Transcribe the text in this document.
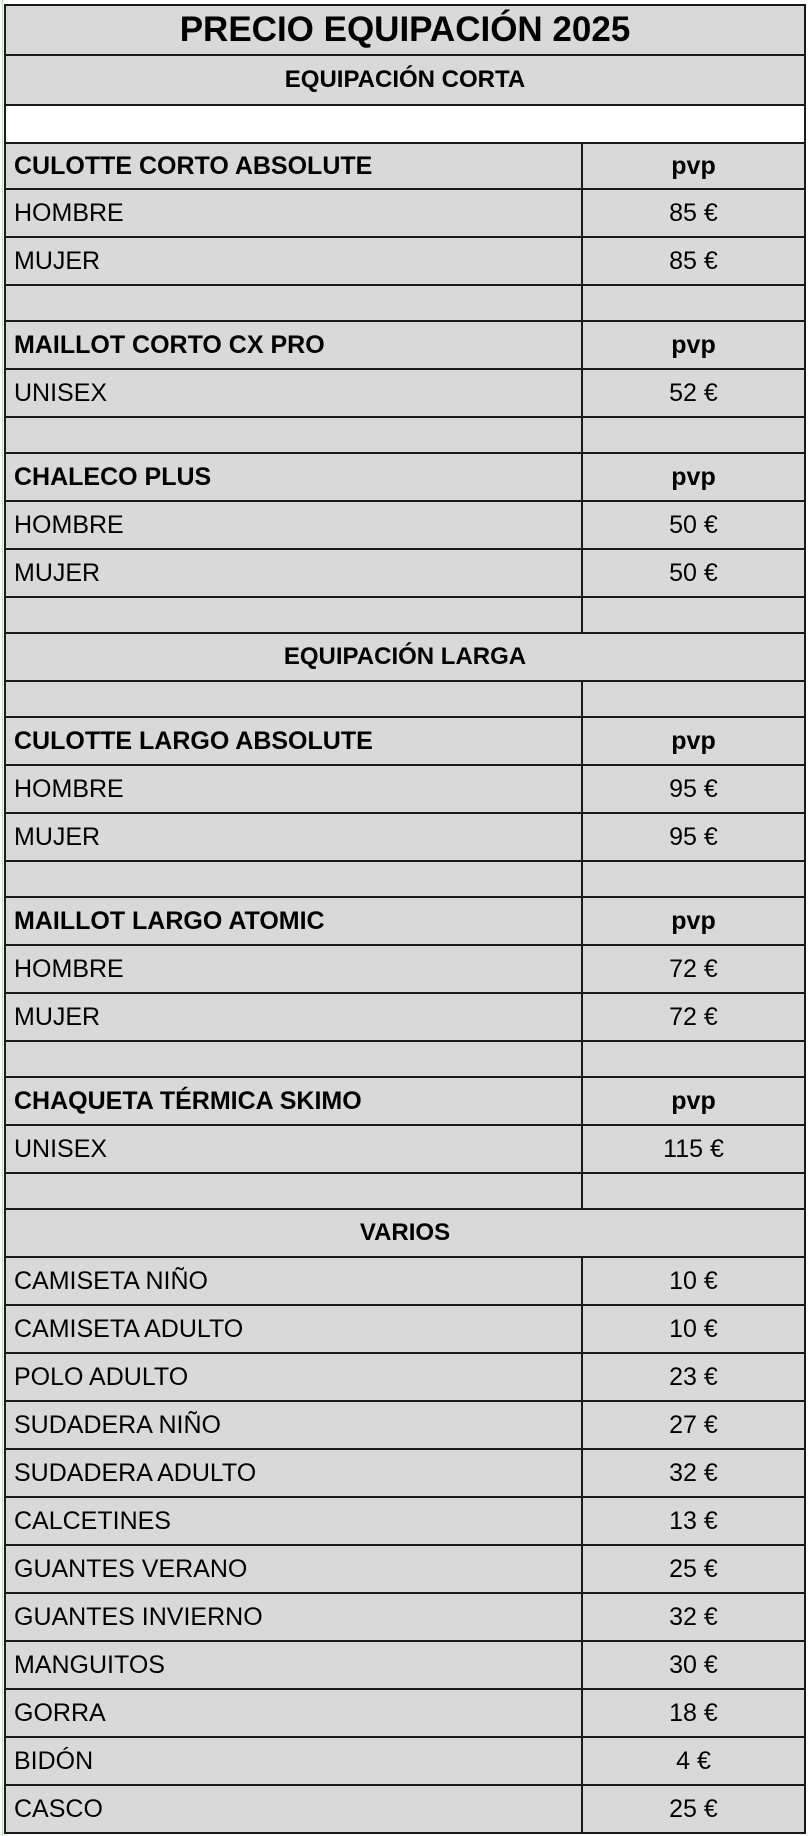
PRECIO EQUIPACIÓN 2025
EQUIPACIÓN CORTA
CULOTTE CORTO ABSOLUTE	pvp
HOMBRE	85 €
MUJER	85 €
MAILLOT CORTO CX PRO	pvp
UNISEX	52 €
CHALECO PLUS	pvp
HOMBRE	50 €
MUJER	50 €
EQUIPACIÓN LARGA
CULOTTE LARGO ABSOLUTE	pvp
HOMBRE	95 €
MUJER	95 €
MAILLOT LARGO ATOMIC	pvp
HOMBRE	72 €
MUJER	72 €
CHAQUETA TÉRMICA SKIMO	pvp
UNISEX	115 €
VARIOS
CAMISETA NIÑO	10 €
CAMISETA ADULTO	10 €
POLO ADULTO	23 €
SUDADERA NIÑO	27 €
SUDADERA ADULTO	32 €
CALCETINES	13 €
GUANTES VERANO	25 €
GUANTES INVIERNO	32 €
MANGUITOS	30 €
GORRA	18 €
BIDÓN	4 €
CASCO	25 €
